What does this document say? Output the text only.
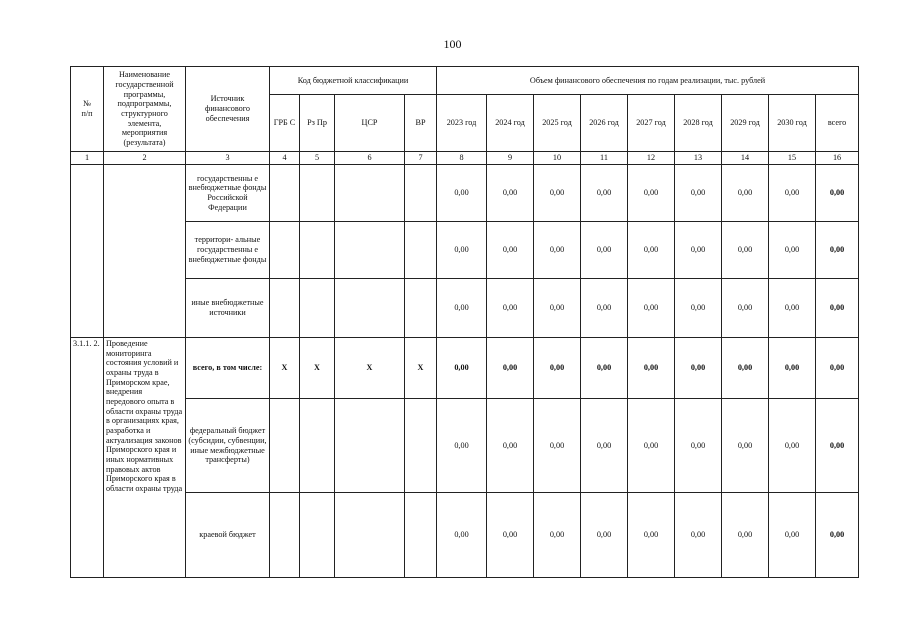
100
№
п/п	Наименование государственной программы, подпрограммы, структурного элемента, мероприятия (результата)	Источник финансового обеспечения	Код бюджетной классификации				Объем финансового обеспечения по годам реализации, тыс. рублей								
			ГРБ С	Рз Пр	ЦСР	ВР	2023 год	2024 год	2025 год	2026 год	2027 год	2028 год	2029 год	2030 год	всего
1	2	3	4	5	6	7	8	9	10	11	12	13	14	15	16
		государственны е внебюджетные фонды Российской Федерации					0,00	0,00	0,00	0,00	0,00	0,00	0,00	0,00	0,00
		территори- альные государственны е внебюджетные фонды					0,00	0,00	0,00	0,00	0,00	0,00	0,00	0,00	0,00
		иные внебюджетные источники					0,00	0,00	0,00	0,00	0,00	0,00	0,00	0,00	0,00
3.1.1. 2.	Проведение мониторинга состояния условий и охраны труда в Приморском крае, внедрения передового опыта в области охраны труда в организациях края, разработка и актуализация законов Приморского края и иных нормативных правовых актов Приморского края в области охраны труда	всего, в том числе:	X	X	X	X	0,00	0,00	0,00	0,00	0,00	0,00	0,00	0,00	0,00
		федеральный бюджет (субсидии, субвенции, иные межбюджетные трансферты)					0,00	0,00	0,00	0,00	0,00	0,00	0,00	0,00	0,00
		краевой бюджет					0,00	0,00	0,00	0,00	0,00	0,00	0,00	0,00	0,00
